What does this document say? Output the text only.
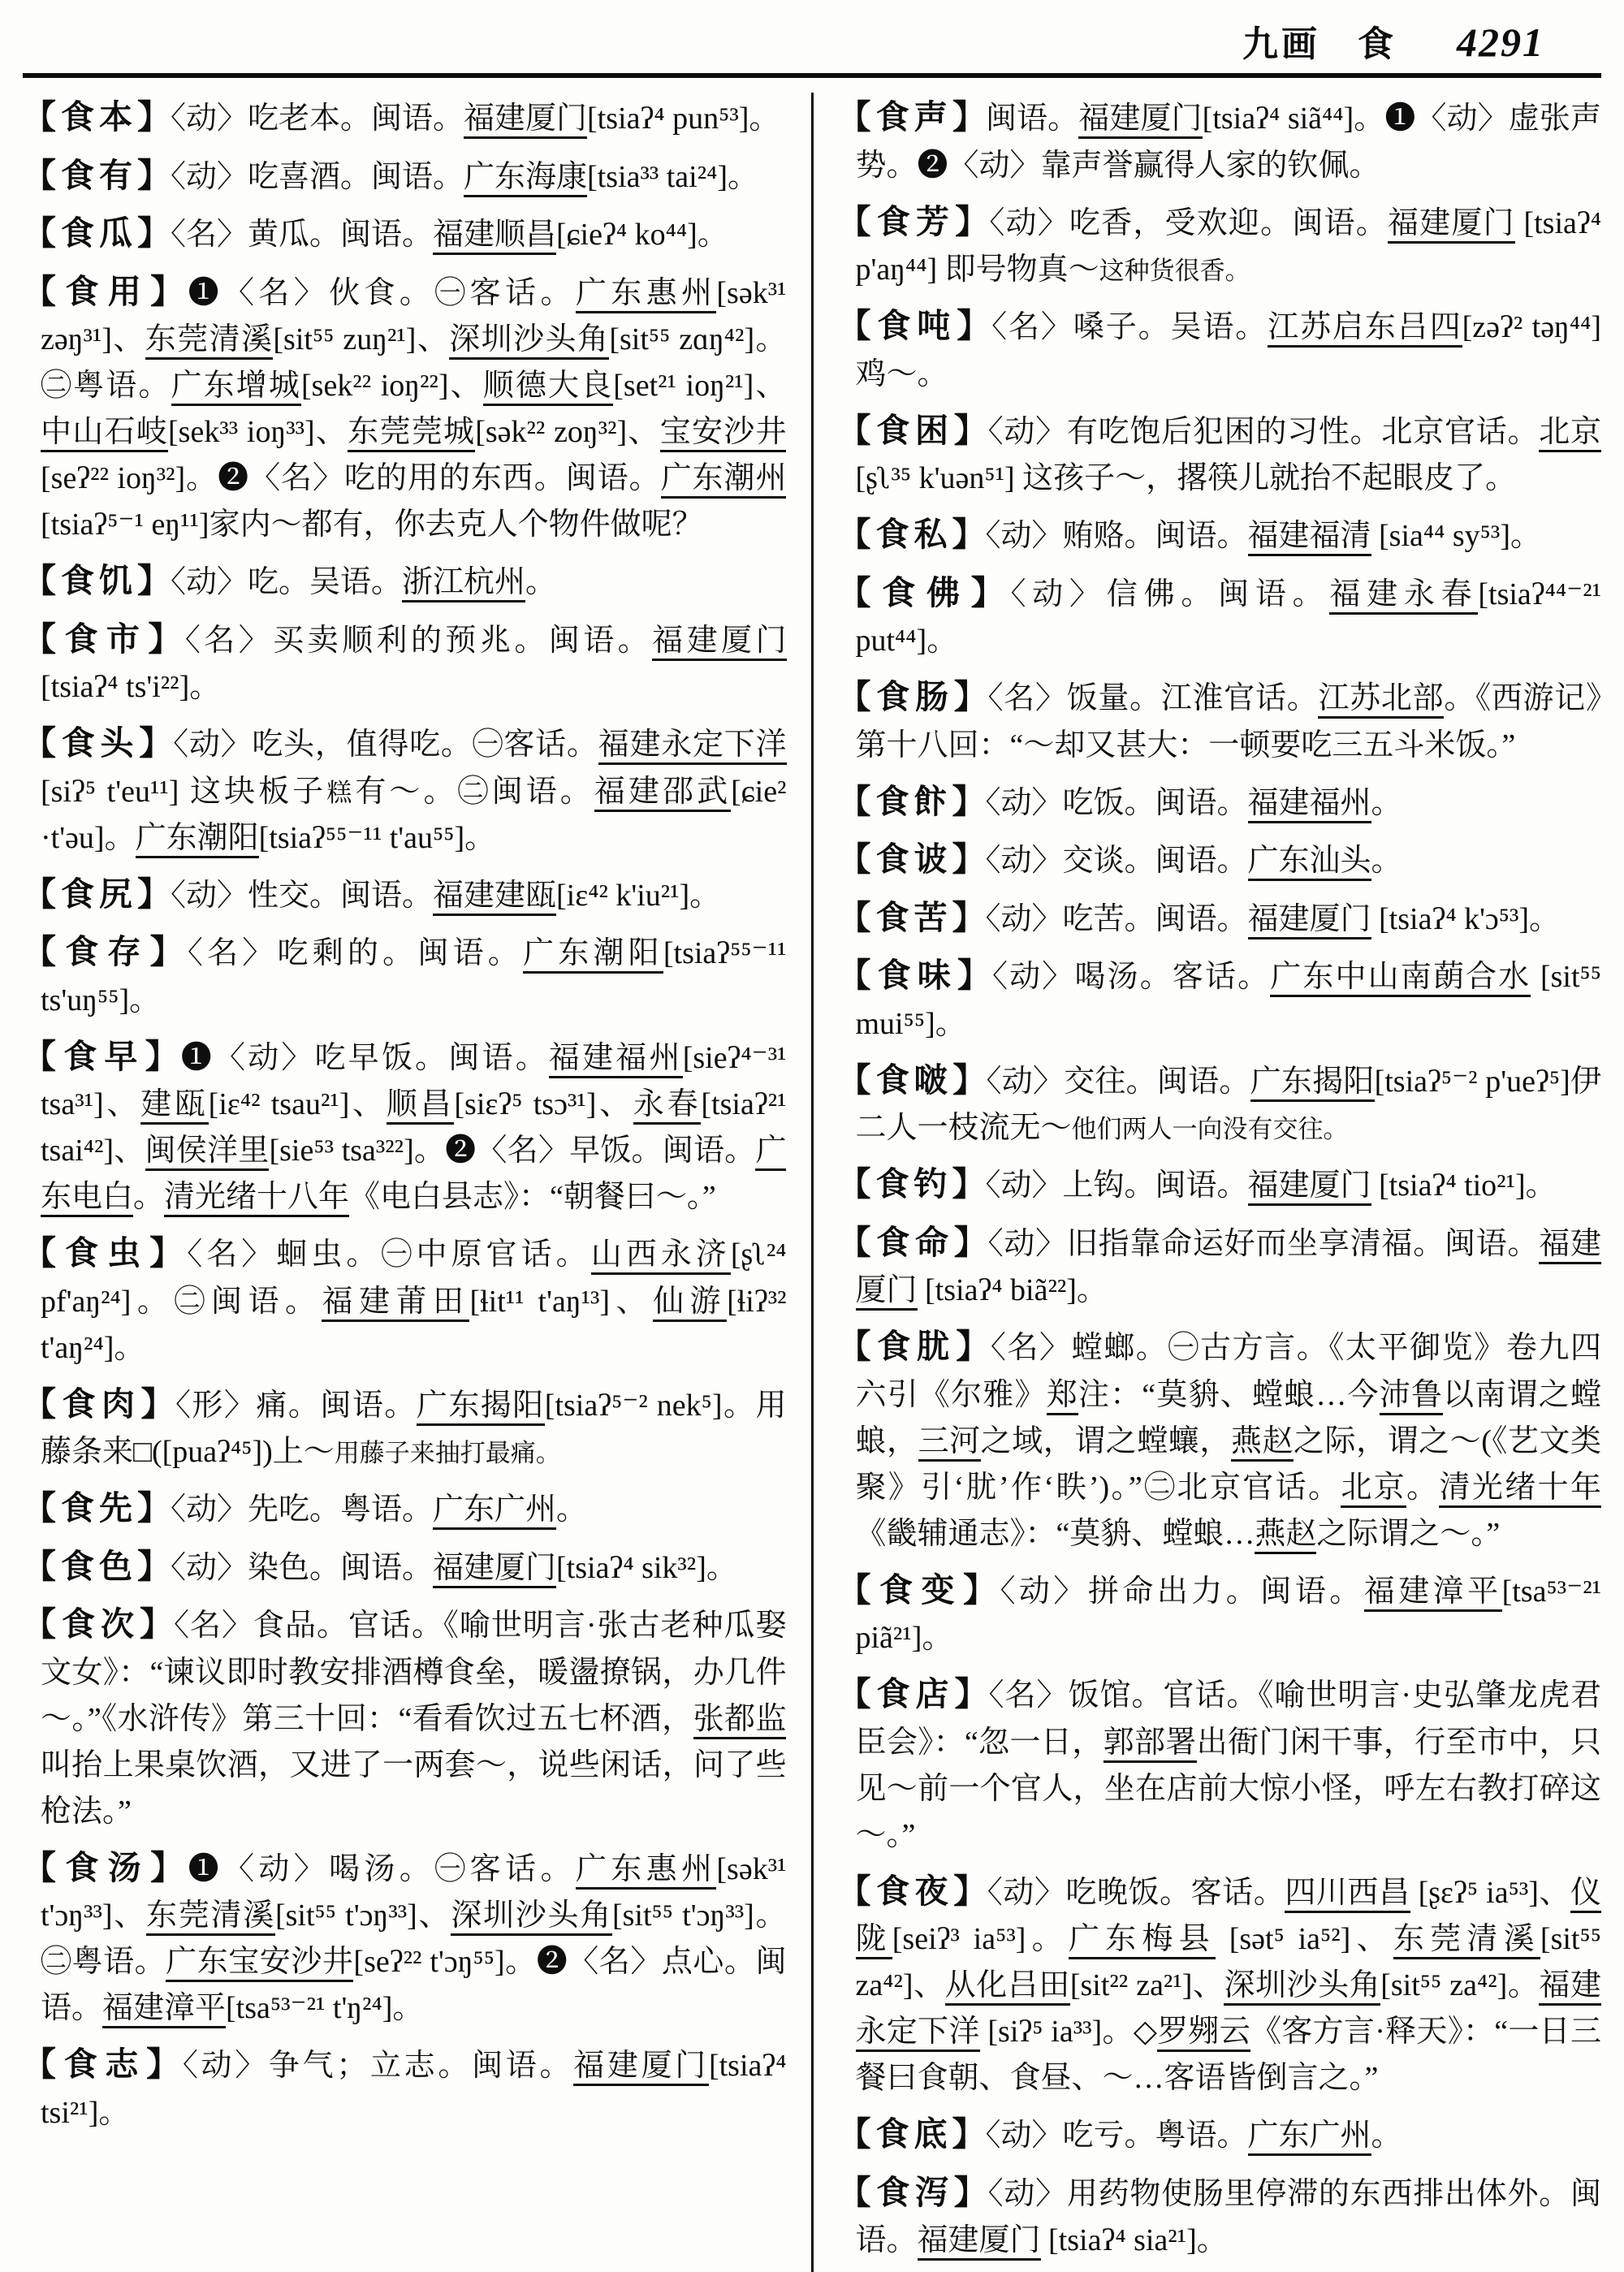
九画 食 4291
【 食本 】 〈动〉吃老本。闽语。福建厦门[tsiaʔ⁴ pun⁵³]。
【 食有 】 〈动〉吃喜酒。闽语。广东海康[tsia³³ tai²⁴]。
【 食瓜 】 〈名〉黄瓜。闽语。福建顺昌[ɕieʔ⁴ ko⁴⁴]。
【 食用 】 ❶〈名〉伙食。㊀客话。广东惠州[sək³¹ zəŋ³¹]、东莞清溪[sit⁵⁵ zuŋ²¹]、深圳沙头角[sit⁵⁵ zɑŋ⁴²]。㊁粤语。广东增城[sek²² ioŋ²²]、顺德大良[set²¹ ioŋ²¹]、中山石岐[sek³³ ioŋ³³]、东莞莞城[sək²² zoŋ³²]、宝安沙井[seʔ²² ioŋ³²]。❷〈名〉吃的用的东西。闽语。广东潮州[tsiaʔ⁵⁻¹ eŋ¹¹]家内～都有，你去克人个物件做呢？
【 食饥 】 〈动〉吃。吴语。浙江杭州。
【 食市 】 〈名〉买卖顺利的预兆。闽语。福建厦门[tsiaʔ⁴ ts'i²²]。
【 食头 】 〈动〉吃头，值得吃。㊀客话。福建永定下洋[siʔ⁵ t'eu¹¹] 这块板子糕有～。㊁闽语。福建邵武[ɕie² ·t'əu]。广东潮阳[tsiaʔ⁵⁵⁻¹¹ t'au⁵⁵]。
【 食尻 】 〈动〉性交。闽语。福建建瓯[iɛ⁴² k'iu²¹]。
【 食存 】 〈名〉吃剩的。闽语。广东潮阳[tsiaʔ⁵⁵⁻¹¹ ts'uŋ⁵⁵]。
【 食早 】 ❶〈动〉吃早饭。闽语。福建福州[sieʔ⁴⁻³¹ tsa³¹]、建瓯[iɛ⁴² tsau²¹]、顺昌[siɛʔ⁵ tsɔ³¹]、永春[tsiaʔ²¹ tsai⁴²]、闽侯洋里[sie⁵³ tsa³²²]。❷〈名〉早饭。闽语。广东电白。清光绪十八年《电白县志》：“朝餐曰～。”
【 食虫 】 〈名〉蛔虫。㊀中原官话。山西永济[ʂʅ²⁴ pf'aŋ²⁴]。㊁闽语。福建莆田[ɬit¹¹ t'aŋ¹³]、仙游[ɬiʔ³² t'aŋ²⁴]。
【 食肉 】 〈形〉痛。闽语。广东揭阳[tsiaʔ⁵⁻² nek⁵]。用藤条来□([puaʔ⁴⁵])上～用藤子来抽打最痛。
【 食先 】 〈动〉先吃。粤语。广东广州。
【 食色 】 〈动〉染色。闽语。福建厦门[tsiaʔ⁴ sik³²]。
【 食次 】 〈名〉食品。官话。《喻世明言·张古老种瓜娶文女》：“谏议即时教安排酒樽食垒，暖盪撩锅，办几件～。”《水浒传》第三十回：“看看饮过五七杯酒，张都监叫抬上果桌饮酒，又进了一两套～，说些闲话，问了些枪法。”
【 食汤 】 ❶〈动〉喝汤。㊀客话。广东惠州[sək³¹ t'ɔŋ³³]、东莞清溪[sit⁵⁵ t'ɔŋ³³]、深圳沙头角[sit⁵⁵ t'ɔŋ³³]。㊁粤语。广东宝安沙井[seʔ²² t'ɔŋ⁵⁵]。❷〈名〉点心。闽语。福建漳平[tsa⁵³⁻²¹ t'ŋ²⁴]。
【 食志 】 〈动〉争气；立志。闽语。福建厦门[tsiaʔ⁴ tsi²¹]。
【 食声 】 闽语。福建厦门[tsiaʔ⁴ siã⁴⁴]。❶〈动〉虚张声势。❷〈动〉靠声誉赢得人家的钦佩。
【 食芳 】 〈动〉吃香，受欢迎。闽语。福建厦门 [tsiaʔ⁴ p'aŋ⁴⁴] 即号物真～这种货很香。
【 食吨 】 〈名〉嗓子。吴语。江苏启东吕四[zəʔ² təŋ⁴⁴] 鸡～。
【 食困 】 〈动〉有吃饱后犯困的习性。北京官话。北京[ʂʅ³⁵ k'uən⁵¹] 这孩子～，撂筷儿就抬不起眼皮了。
【 食私 】 〈动〉贿赂。闽语。福建福清 [sia⁴⁴ sy⁵³]。
【 食佛 】 〈动〉信佛。闽语。福建永春[tsiaʔ⁴⁴⁻²¹ put⁴⁴]。
【 食肠 】 〈名〉饭量。江淮官话。江苏北部。《西游记》第十八回：“～却又甚大：一顿要吃三五斗米饭。”
【 食飰 】 〈动〉吃饭。闽语。福建福州。
【 食诐 】 〈动〉交谈。闽语。广东汕头。
【 食苦 】 〈动〉吃苦。闽语。福建厦门 [tsiaʔ⁴ k'ɔ⁵³]。
【 食味 】 〈动〉喝汤。客话。广东中山南蓢合水 [sit⁵⁵ mui⁵⁵]。
【 食啵 】 〈动〉交往。闽语。广东揭阳[tsiaʔ⁵⁻² p'ueʔ⁵]伊二人一枝流无～他们两人一向没有交往。
【 食钓 】 〈动〉上钩。闽语。福建厦门 [tsiaʔ⁴ tio²¹]。
【 食命 】 〈动〉旧指靠命运好而坐享清福。闽语。福建厦门 [tsiaʔ⁴ biã²²]。
【 食肬 】 〈名〉螳螂。㊀古方言。《太平御览》卷九四六引《尔雅》郑注：“莫貈、螳蜋…今沛鲁以南谓之螳蜋，三河之域，谓之螳蠰，燕赵之际，谓之～(《艺文类聚》引‘肬’作‘眣’)。”㊁北京官话。北京。清光绪十年《畿辅通志》：“莫貈、螳蜋…燕赵之际谓之～。”
【 食变 】 〈动〉拼命出力。闽语。福建漳平[tsa⁵³⁻²¹ piã²¹]。
【 食店 】 〈名〉饭馆。官话。《喻世明言·史弘肇龙虎君臣会》：“忽一日，郭部署出衙门闲干事，行至市中，只见～前一个官人，坐在店前大惊小怪，呼左右教打碎这～。”
【 食夜 】 〈动〉吃晚饭。客话。四川西昌 [ʂɛʔ⁵ ia⁵³]、仪陇[seiʔ³ ia⁵³]。广东梅县 [sət⁵ ia⁵²]、东莞清溪[sit⁵⁵ za⁴²]、从化吕田[sit²² za²¹]、深圳沙头角[sit⁵⁵ za⁴²]。福建永定下洋 [siʔ⁵ ia³³]。◇罗翙云《客方言·释天》：“一日三餐曰食朝、食昼、～…客语皆倒言之。”
【 食底 】 〈动〉吃亏。粤语。广东广州。
【 食泻 】 〈动〉用药物使肠里停滞的东西排出体外。闽语。福建厦门 [tsiaʔ⁴ sia²¹]。
